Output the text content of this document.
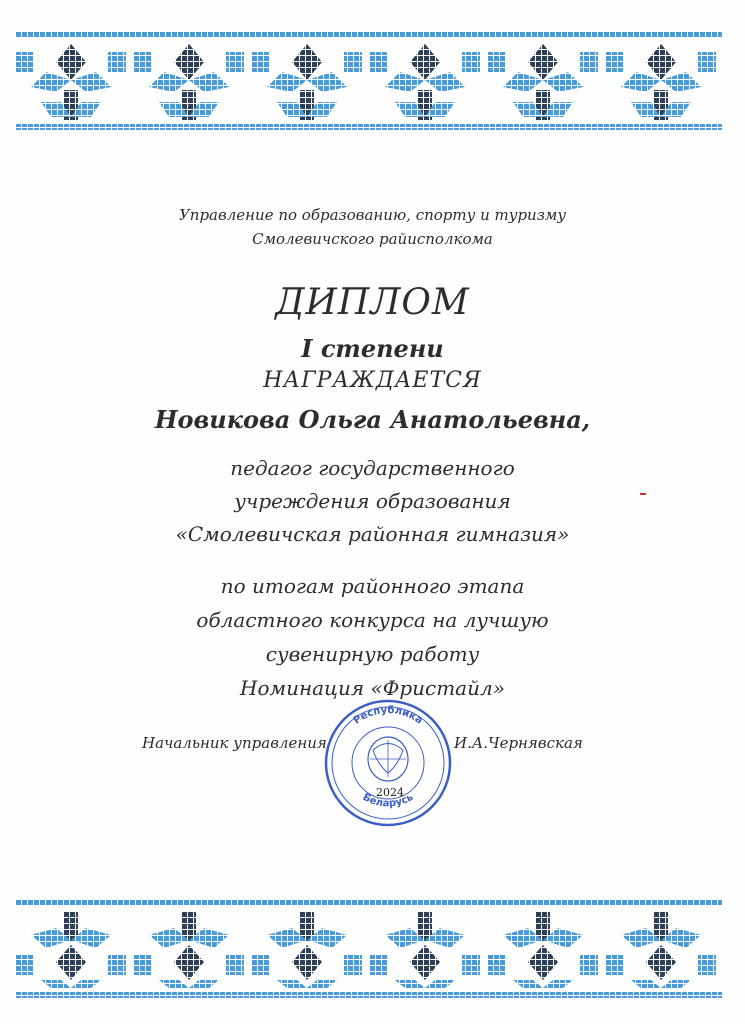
Управление по образованию, спорту и туризму
Смолевичского райисполкома
ДИПЛОМ
I степени
НАГРАЖДАЕТСЯ
Новикова Ольга Анатольевна,
педагог государственного
учреждения образования
«Смолевичская районная гимназия»
по итогам районного этапа
областного конкурса на лучшую
сувенирную работу
Номинация «Фристайл»
Республика
Беларусь
2024
Начальник управления	И.А.Чернявская
